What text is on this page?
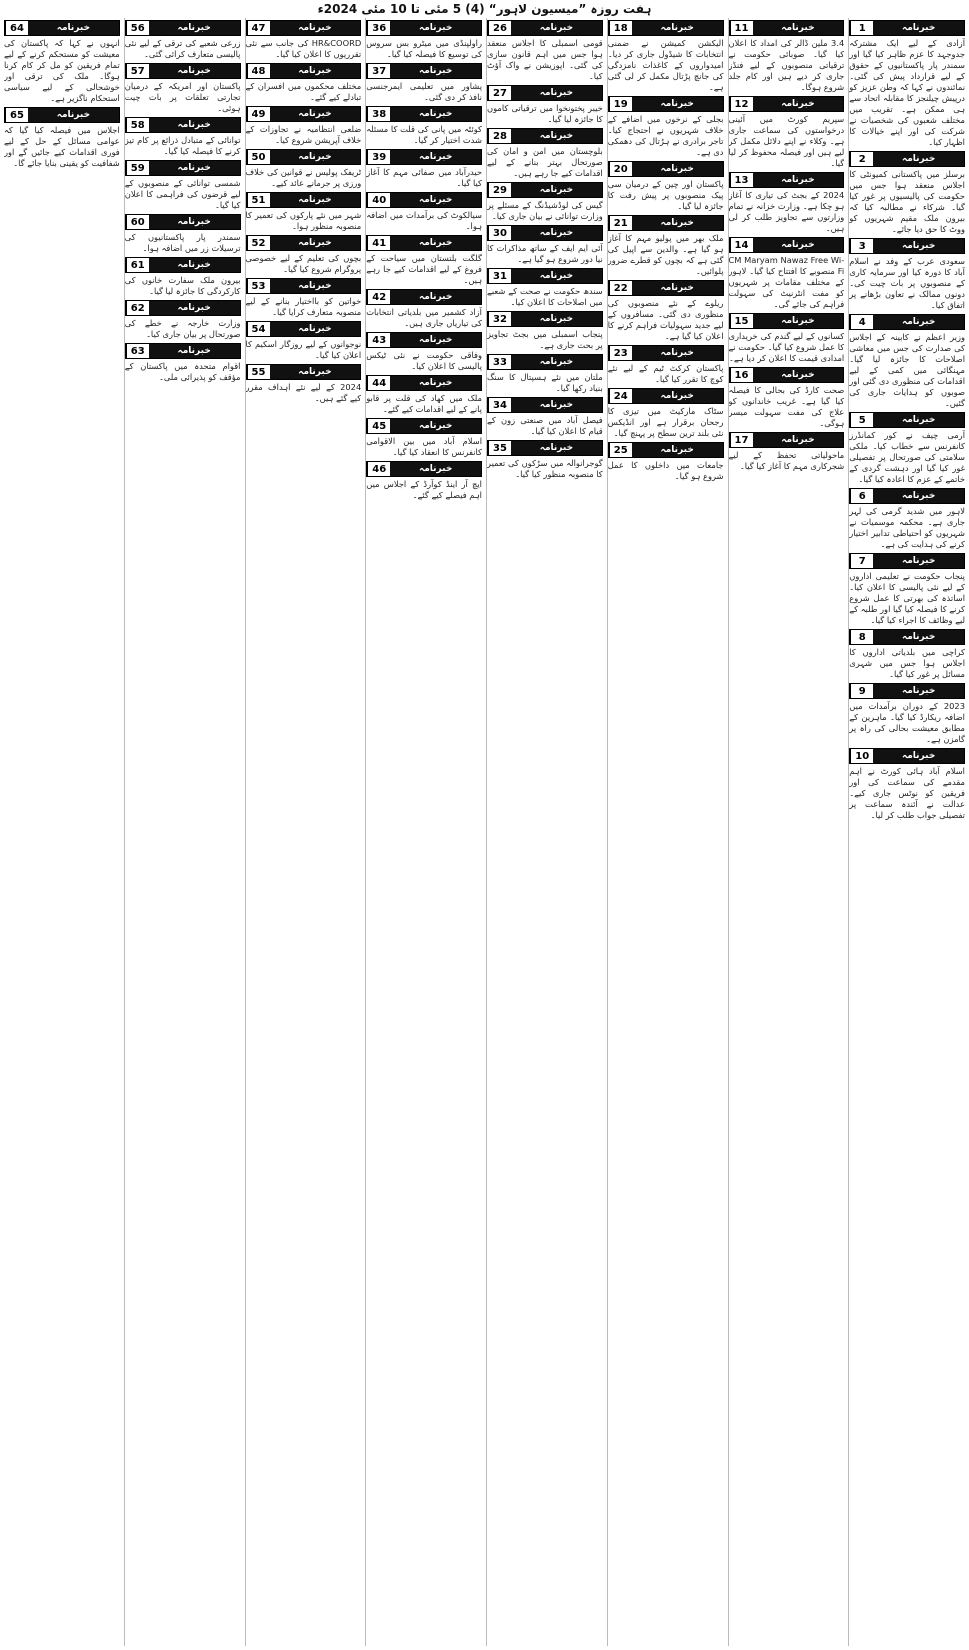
ہفت روزہ ”میسیون لاہور“ (4) 5 مئی تا 10 مئی 2024ء
خبرنامہ
1

آزادی کے لیے ایک مشترکہ جدوجہد کا عزم ظاہر کیا گیا اور سمندر پار پاکستانیوں کے حقوق کے لیے قرارداد پیش کی گئی۔ نمائندوں نے کہا کہ وطن عزیز کو درپیش چیلنجز کا مقابلہ اتحاد سے ہی ممکن ہے۔ تقریب میں مختلف شعبوں کی شخصیات نے شرکت کی اور اپنے خیالات کا اظہار کیا۔

خبرنامہ
2

برسلز میں پاکستانی کمیونٹی کا اجلاس منعقد ہوا جس میں حکومت کی پالیسیوں پر غور کیا گیا۔ شرکاء نے مطالبہ کیا کہ بیرون ملک مقیم شہریوں کو ووٹ کا حق دیا جائے۔

خبرنامہ
3

سعودی عرب کے وفد نے اسلام آباد کا دورہ کیا اور سرمایہ کاری کے منصوبوں پر بات چیت کی۔ دونوں ممالک نے تعاون بڑھانے پر اتفاق کیا۔

خبرنامہ
4

وزیر اعظم نے کابینہ کے اجلاس کی صدارت کی جس میں معاشی اصلاحات کا جائزہ لیا گیا۔ مہنگائی میں کمی کے لیے اقدامات کی منظوری دی گئی اور صوبوں کو ہدایات جاری کی گئیں۔

خبرنامہ
5

آرمی چیف نے کور کمانڈرز کانفرنس سے خطاب کیا۔ ملکی سلامتی کی صورتحال پر تفصیلی غور کیا گیا اور دہشت گردی کے خاتمے کے عزم کا اعادہ کیا گیا۔

خبرنامہ
6

لاہور میں شدید گرمی کی لہر جاری ہے۔ محکمہ موسمیات نے شہریوں کو احتیاطی تدابیر اختیار کرنے کی ہدایت کی ہے۔

خبرنامہ
7

پنجاب حکومت نے تعلیمی اداروں کے لیے نئی پالیسی کا اعلان کیا۔ اساتذہ کی بھرتی کا عمل شروع کرنے کا فیصلہ کیا گیا اور طلبہ کے لیے وظائف کا اجراء کیا گیا۔

خبرنامہ
8

کراچی میں بلدیاتی اداروں کا اجلاس ہوا جس میں شہری مسائل پر غور کیا گیا۔

خبرنامہ
9

2023 کے دوران برآمدات میں اضافہ ریکارڈ کیا گیا۔ ماہرین کے مطابق معیشت بحالی کی راہ پر گامزن ہے۔

خبرنامہ
10

اسلام آباد ہائی کورٹ نے اہم مقدمے کی سماعت کی اور فریقین کو نوٹس جاری کیے۔ عدالت نے آئندہ سماعت پر تفصیلی جواب طلب کر لیا۔

خبرنامہ
11

3.4 ملین ڈالر کی امداد کا اعلان کیا گیا۔ صوبائی حکومت نے ترقیاتی منصوبوں کے لیے فنڈز جاری کر دیے ہیں اور کام جلد شروع ہوگا۔

خبرنامہ
12

سپریم کورٹ میں آئینی درخواستوں کی سماعت جاری ہے۔ وکلاء نے اپنے دلائل مکمل کر لیے ہیں اور فیصلہ محفوظ کر لیا گیا۔

خبرنامہ
13

2024 کے بجٹ کی تیاری کا آغاز ہو چکا ہے۔ وزارت خزانہ نے تمام وزارتوں سے تجاویز طلب کر لی ہیں۔

خبرنامہ
14

CM Maryam Nawaz Free Wi-Fi منصوبے کا افتتاح کیا گیا۔ لاہور کے مختلف مقامات پر شہریوں کو مفت انٹرنیٹ کی سہولت فراہم کی جائے گی۔

خبرنامہ
15

کسانوں کے لیے گندم کی خریداری کا عمل شروع کیا گیا۔ حکومت نے امدادی قیمت کا اعلان کر دیا ہے۔

خبرنامہ
16

صحت کارڈ کی بحالی کا فیصلہ کیا گیا ہے۔ غریب خاندانوں کو علاج کی مفت سہولت میسر ہوگی۔

خبرنامہ
17

ماحولیاتی تحفظ کے لیے شجرکاری مہم کا آغاز کیا گیا۔

خبرنامہ
18

الیکشن کمیشن نے ضمنی انتخابات کا شیڈول جاری کر دیا۔ امیدواروں کے کاغذات نامزدگی کی جانچ پڑتال مکمل کر لی گئی ہے۔

خبرنامہ
19

بجلی کے نرخوں میں اضافے کے خلاف شہریوں نے احتجاج کیا۔ تاجر برادری نے ہڑتال کی دھمکی دی ہے۔

خبرنامہ
20

پاکستان اور چین کے درمیان سی پیک منصوبوں پر پیش رفت کا جائزہ لیا گیا۔

خبرنامہ
21

ملک بھر میں پولیو مہم کا آغاز ہو گیا ہے۔ والدین سے اپیل کی گئی ہے کہ بچوں کو قطرے ضرور پلوائیں۔

خبرنامہ
22

ریلوے کے نئے منصوبوں کی منظوری دی گئی۔ مسافروں کے لیے جدید سہولیات فراہم کرنے کا اعلان کیا گیا ہے۔

خبرنامہ
23

پاکستان کرکٹ ٹیم کے لیے نئے کوچ کا تقرر کیا گیا۔

خبرنامہ
24

سٹاک مارکیٹ میں تیزی کا رجحان برقرار ہے اور انڈیکس نئی بلند ترین سطح پر پہنچ گیا۔

خبرنامہ
25

جامعات میں داخلوں کا عمل شروع ہو گیا۔

خبرنامہ
26

قومی اسمبلی کا اجلاس منعقد ہوا جس میں اہم قانون سازی کی گئی۔ اپوزیشن نے واک آؤٹ کیا۔

خبرنامہ
27

خیبر پختونخوا میں ترقیاتی کاموں کا جائزہ لیا گیا۔

خبرنامہ
28

بلوچستان میں امن و امان کی صورتحال بہتر بنانے کے لیے اقدامات کیے جا رہے ہیں۔

خبرنامہ
29

گیس کی لوڈشیڈنگ کے مسئلے پر وزارت توانائی نے بیان جاری کیا۔

خبرنامہ
30

آئی ایم ایف کے ساتھ مذاکرات کا نیا دور شروع ہو گیا ہے۔

خبرنامہ
31

سندھ حکومت نے صحت کے شعبے میں اصلاحات کا اعلان کیا۔

خبرنامہ
32

پنجاب اسمبلی میں بجٹ تجاویز پر بحث جاری ہے۔

خبرنامہ
33

ملتان میں نئے ہسپتال کا سنگ بنیاد رکھا گیا۔

خبرنامہ
34

فیصل آباد میں صنعتی زون کے قیام کا اعلان کیا گیا۔

خبرنامہ
35

گوجرانوالہ میں سڑکوں کی تعمیر کا منصوبہ منظور کیا گیا۔

خبرنامہ
36

راولپنڈی میں میٹرو بس سروس کی توسیع کا فیصلہ کیا گیا۔

خبرنامہ
37

پشاور میں تعلیمی ایمرجنسی نافذ کر دی گئی۔

خبرنامہ
38

کوئٹہ میں پانی کی قلت کا مسئلہ شدت اختیار کر گیا۔

خبرنامہ
39

حیدرآباد میں صفائی مہم کا آغاز کیا گیا۔

خبرنامہ
40

سیالکوٹ کی برآمدات میں اضافہ ہوا۔

خبرنامہ
41

گلگت بلتستان میں سیاحت کے فروغ کے لیے اقدامات کیے جا رہے ہیں۔

خبرنامہ
42

آزاد کشمیر میں بلدیاتی انتخابات کی تیاریاں جاری ہیں۔

خبرنامہ
43

وفاقی حکومت نے نئی ٹیکس پالیسی کا اعلان کیا۔

خبرنامہ
44

ملک میں کھاد کی قلت پر قابو پانے کے لیے اقدامات کیے گئے۔

خبرنامہ
45

اسلام آباد میں بین الاقوامی کانفرنس کا انعقاد کیا گیا۔

خبرنامہ
46

ایچ آر اینڈ کوآرڈ کے اجلاس میں اہم فیصلے کیے گئے۔

خبرنامہ
47

HR&COORD کی جانب سے نئی تقرریوں کا اعلان کیا گیا۔

خبرنامہ
48

مختلف محکموں میں افسران کے تبادلے کیے گئے۔

خبرنامہ
49

ضلعی انتظامیہ نے تجاوزات کے خلاف آپریشن شروع کیا۔

خبرنامہ
50

ٹریفک پولیس نے قوانین کی خلاف ورزی پر جرمانے عائد کیے۔

خبرنامہ
51

شہر میں نئے پارکوں کی تعمیر کا منصوبہ منظور ہوا۔

خبرنامہ
52

بچوں کی تعلیم کے لیے خصوصی پروگرام شروع کیا گیا۔

خبرنامہ
53

خواتین کو بااختیار بنانے کے لیے منصوبہ متعارف کرایا گیا۔

خبرنامہ
54

نوجوانوں کے لیے روزگار اسکیم کا اعلان کیا گیا۔

خبرنامہ
55

2024 کے لیے نئے اہداف مقرر کیے گئے ہیں۔

خبرنامہ
56

زرعی شعبے کی ترقی کے لیے نئی پالیسی متعارف کرائی گئی۔

خبرنامہ
57

پاکستان اور امریکہ کے درمیان تجارتی تعلقات پر بات چیت ہوئی۔

خبرنامہ
58

توانائی کے متبادل ذرائع پر کام تیز کرنے کا فیصلہ کیا گیا۔

خبرنامہ
59

شمسی توانائی کے منصوبوں کے لیے قرضوں کی فراہمی کا اعلان کیا گیا۔

خبرنامہ
60

سمندر پار پاکستانیوں کی ترسیلات زر میں اضافہ ہوا۔

خبرنامہ
61

بیرون ملک سفارت خانوں کی کارکردگی کا جائزہ لیا گیا۔

خبرنامہ
62

وزارت خارجہ نے خطے کی صورتحال پر بیان جاری کیا۔

خبرنامہ
63

اقوام متحدہ میں پاکستان کے مؤقف کو پذیرائی ملی۔

خبرنامہ
64

انہوں نے کہا کہ پاکستان کی معیشت کو مستحکم کرنے کے لیے تمام فریقین کو مل کر کام کرنا ہوگا۔ ملک کی ترقی اور خوشحالی کے لیے سیاسی استحکام ناگزیر ہے۔

خبرنامہ
65

اجلاس میں فیصلہ کیا گیا کہ عوامی مسائل کے حل کے لیے فوری اقدامات کیے جائیں گے اور شفافیت کو یقینی بنایا جائے گا۔
